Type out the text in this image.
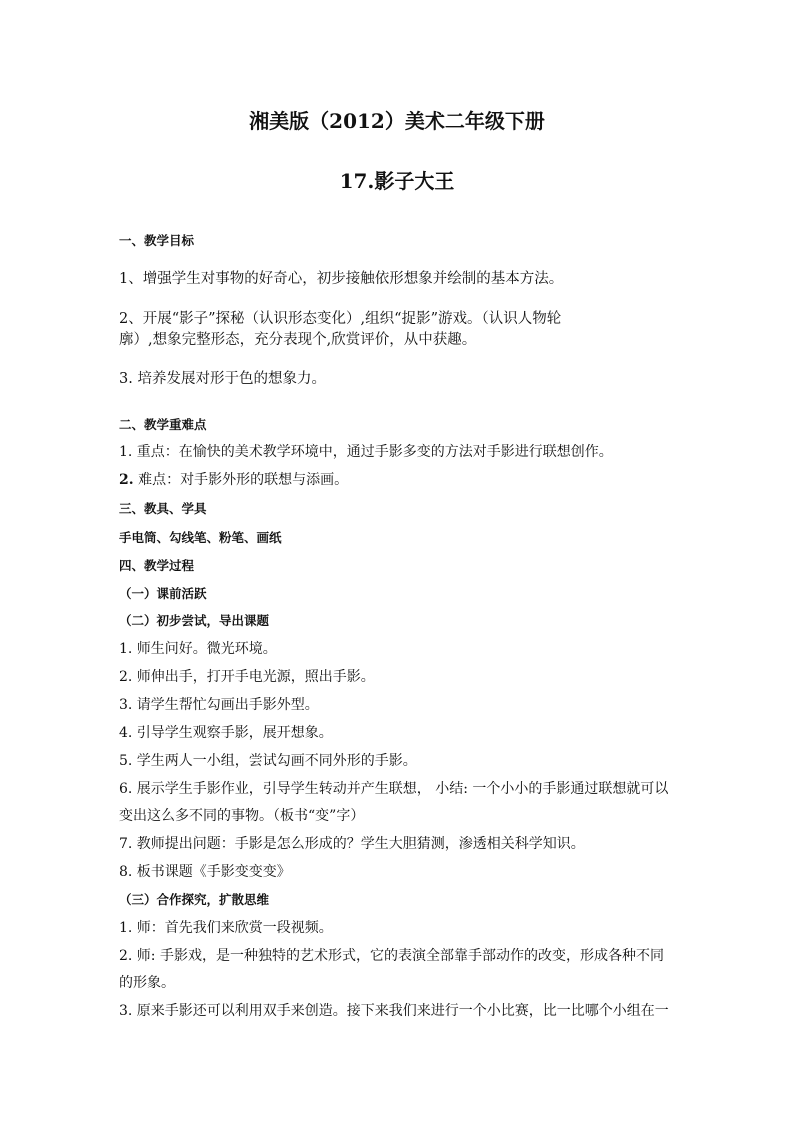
湘美版（2012）美术二年级下册
17.影子大王
一、教学目标
1、增强学生对事物的好奇心，初步接触依形想象并绘制的基本方法。
2、开展“影子”探秘（认识形态变化）,组织“捉影”游戏。（认识人物轮
廓）,想象完整形态，充分表现个,欣赏评价，从中获趣。
3. 培养发展对形于色的想象力。
二、教学重难点
1. 重点：在愉快的美术教学环境中，通过手影多变的方法对手影进行联想创作。
2. 难点：对手影外形的联想与添画。
三、教具、学具
手电筒、勾线笔、粉笔、画纸
四、教学过程
（一）课前活跃
（二）初步尝试，导出课题
1. 师生问好。微光环境。
2. 师伸出手，打开手电光源，照出手影。
3. 请学生帮忙勾画出手影外型。
4. 引导学生观察手影，展开想象。
5. 学生两人一小组，尝试勾画不同外形的手影。
6. 展示学生手影作业，引导学生转动并产生联想， 小结: 一个小小的手影通过联想就可以
变出这么多不同的事物。（板书“变”字）
7. 教师提出问题：手影是怎么形成的？学生大胆猜测，渗透相关科学知识。
8. 板书课题《手影变变变》
（三）合作探究，扩散思维
1. 师：首先我们来欣赏一段视频。
2. 师: 手影戏，是一种独特的艺术形式，它的表演全部靠手部动作的改变，形成各种不同
的形象。
3. 原来手影还可以利用双手来创造。接下来我们来进行一个小比赛，比一比哪个小组在一
